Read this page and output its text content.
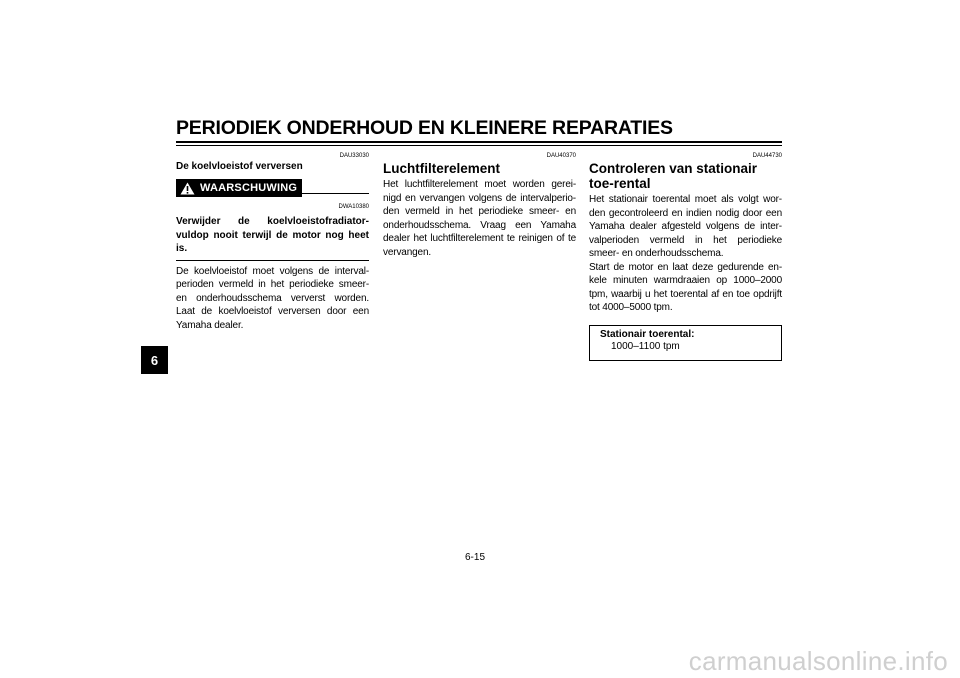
PERIODIEK ONDERHOUD EN KLEINERE REPARATIES
6
DAU33030
De koelvloeistof verversen
WAARSCHUWING
DWA10380
Verwijder de koelvloeistofradiator-
vuldop nooit terwijl de motor nog heet is.

De koelvloeistof moet volgens de interval-perioden vermeld in het periodieke smeer- en onderhoudsschema ververst worden. Laat de koelvloeistof verversen door een Yamaha dealer.

DAU40370
Luchtfilterelement

Het luchtfilterelement moet worden gerei-nigd en vervangen volgens de intervalperio-den vermeld in het periodieke smeer- en onderhoudsschema. Vraag een Yamaha dealer het luchtfilterelement te reinigen of te vervangen.

DAU44730
Controleren van stationair toe-rental

Het stationair toerental moet als volgt wor-den gecontroleerd en indien nodig door een Yamaha dealer afgesteld volgens de inter-valperioden vermeld in het periodieke smeer- en onderhoudsschema.

Start de motor en laat deze gedurende en-kele minuten warmdraaien op 1000–2000 tpm, waarbij u het toerental af en toe opdrijft tot 4000–5000 tpm.

Stationair toerental:
1000–1100 tpm
6-15
carmanualsonline.info
